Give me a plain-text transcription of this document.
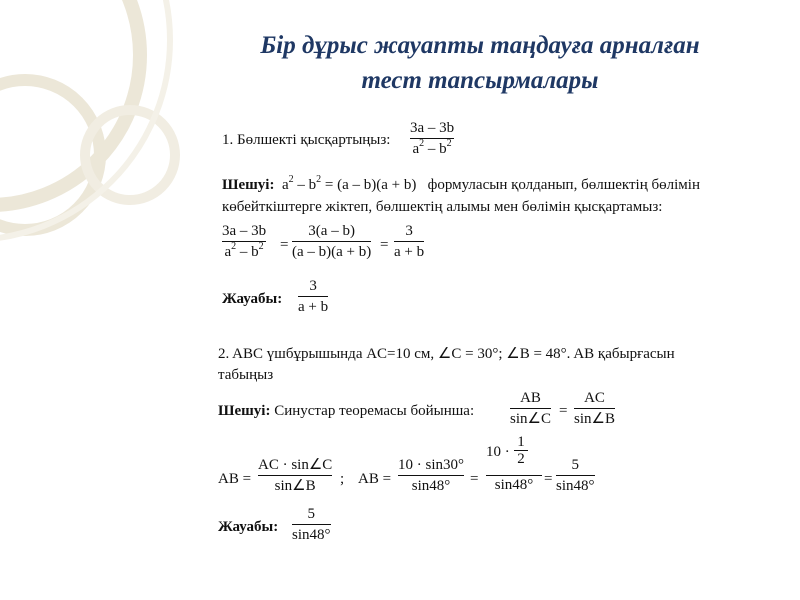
Бір дұрыс жауапты таңдауға арналған
тест тапсырмалары
1. Бөлшекті қысқартыңыз:
3a – 3b
$a^2 - b^2$
Шешуі: $a^2 - b^2 = (a - b)(a + b)$ формуласын қолданып, бөлшектің бөлімін
көбейткіштерге жіктеп, бөлшектің алымы мен бөлімін қысқартамыз:
3a – 3b
$a^2 - b^2$ =
3(a – b)
(a – b)(a + b) =
3
a + b
Жауабы:
3
a + b
2. ABC үшбұрышында AC=10 см, ∠C = 30°; ∠B = 48°. AB қабырғасын
табыңыз
Шешуі: Синустар теоремасы бойынша:
AB
sin∠C =
AC
sin∠B
AB =
AC · sin∠C
sin∠B	; AB =
10 · sin30°
sin48°	=
10 ·
1
2
sin48° =
5
sin48°
Жауабы:
5
sin48°
